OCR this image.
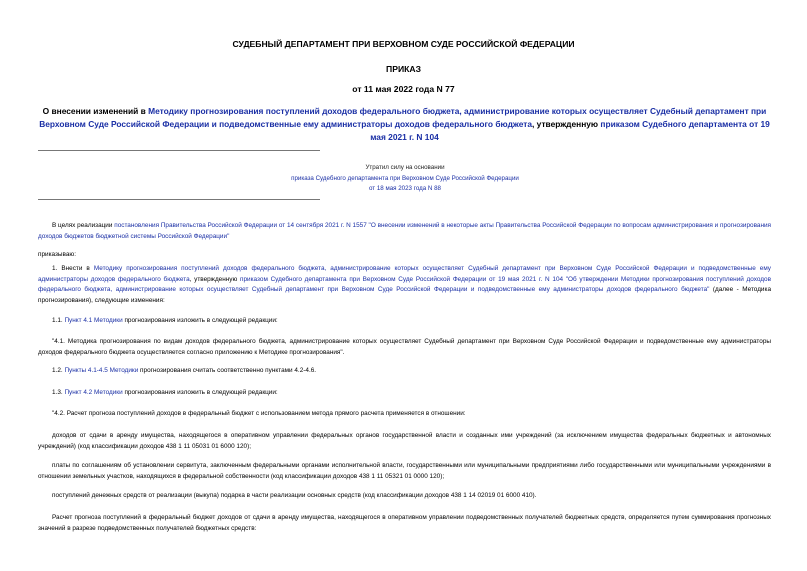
СУДЕБНЫЙ ДЕПАРТАМЕНТ ПРИ ВЕРХОВНОМ СУДЕ РОССИЙСКОЙ ФЕДЕРАЦИИ
ПРИКАЗ
от 11 мая 2022 года N 77
О внесении изменений в Методику прогнозирования поступлений доходов федерального бюджета, администрирование которых осуществляет Судебный департамент при Верховном Суде Российской Федерации и подведомственные ему администраторы доходов федерального бюджета, утвержденную приказом Судебного департамента от 19 мая 2021 г. N 104
Утратил силу на основании
приказа Судебного департамента при Верховном Суде Российской Федерации
от 18 мая 2023 года N 88
В целях реализации постановления Правительства Российской Федерации от 14 сентября 2021 г. N 1557 "О внесении изменений в некоторые акты Правительства Российской Федерации по вопросам администрирования и прогнозирования доходов бюджетов бюджетной системы Российской Федерации"
приказываю:
1. Внести в Методику прогнозирования поступлений доходов федерального бюджета, администрирование которых осуществляет Судебный департамент при Верховном Суде Российской Федерации и подведомственные ему администраторы доходов федерального бюджета, утвержденную приказом Судебного департамента при Верховном Суде Российской Федерации от 19 мая 2021 г. N 104 "Об утверждении Методики прогнозирования поступлений доходов федерального бюджета, администрирование которых осуществляет Судебный департамент при Верховном Суде Российской Федерации и подведомственные ему администраторы доходов федерального бюджета" (далее - Методика прогнозирования), следующие изменения:
1.1. Пункт 4.1 Методики прогнозирования изложить в следующей редакции:
"4.1. Методика прогнозирования по видам доходов федерального бюджета, администрирование которых осуществляет Судебный департамент при Верховном Суде Российской Федерации и подведомственные ему администраторы доходов федерального бюджета осуществляется согласно приложению к Методике прогнозирования".
1.2. Пункты 4.1-4.5 Методики прогнозирования считать соответственно пунктами 4.2-4.6.
1.3. Пункт 4.2 Методики прогнозирования изложить в следующей редакции:
"4.2. Расчет прогноза поступлений доходов в федеральный бюджет с использованием метода прямого расчета применяется в отношении:
доходов от сдачи в аренду имущества, находящегося в оперативном управлении федеральных органов государственной власти и созданных ими учреждений (за исключением имущества федеральных бюджетных и автономных учреждений) (код классификации доходов 438 1 11 05031 01 6000 120);
платы по соглашениям об установлении сервитута, заключенным федеральными органами исполнительной власти, государственными или муниципальными предприятиями либо государственными или муниципальными учреждениями в отношении земельных участков, находящихся в федеральной собственности (код классификации доходов 438 1 11 05321 01 0000 120);
поступлений денежных средств от реализации (выкупа) подарка в части реализации основных средств (код классификации доходов 438 1 14 02019 01 6000 410).
Расчет прогноза поступлений в федеральный бюджет доходов от сдачи в аренду имущества, находящегося в оперативном управлении подведомственных получателей бюджетных средств, определяется путем суммирования прогнозных значений в разрезе подведомственных получателей бюджетных средств:
